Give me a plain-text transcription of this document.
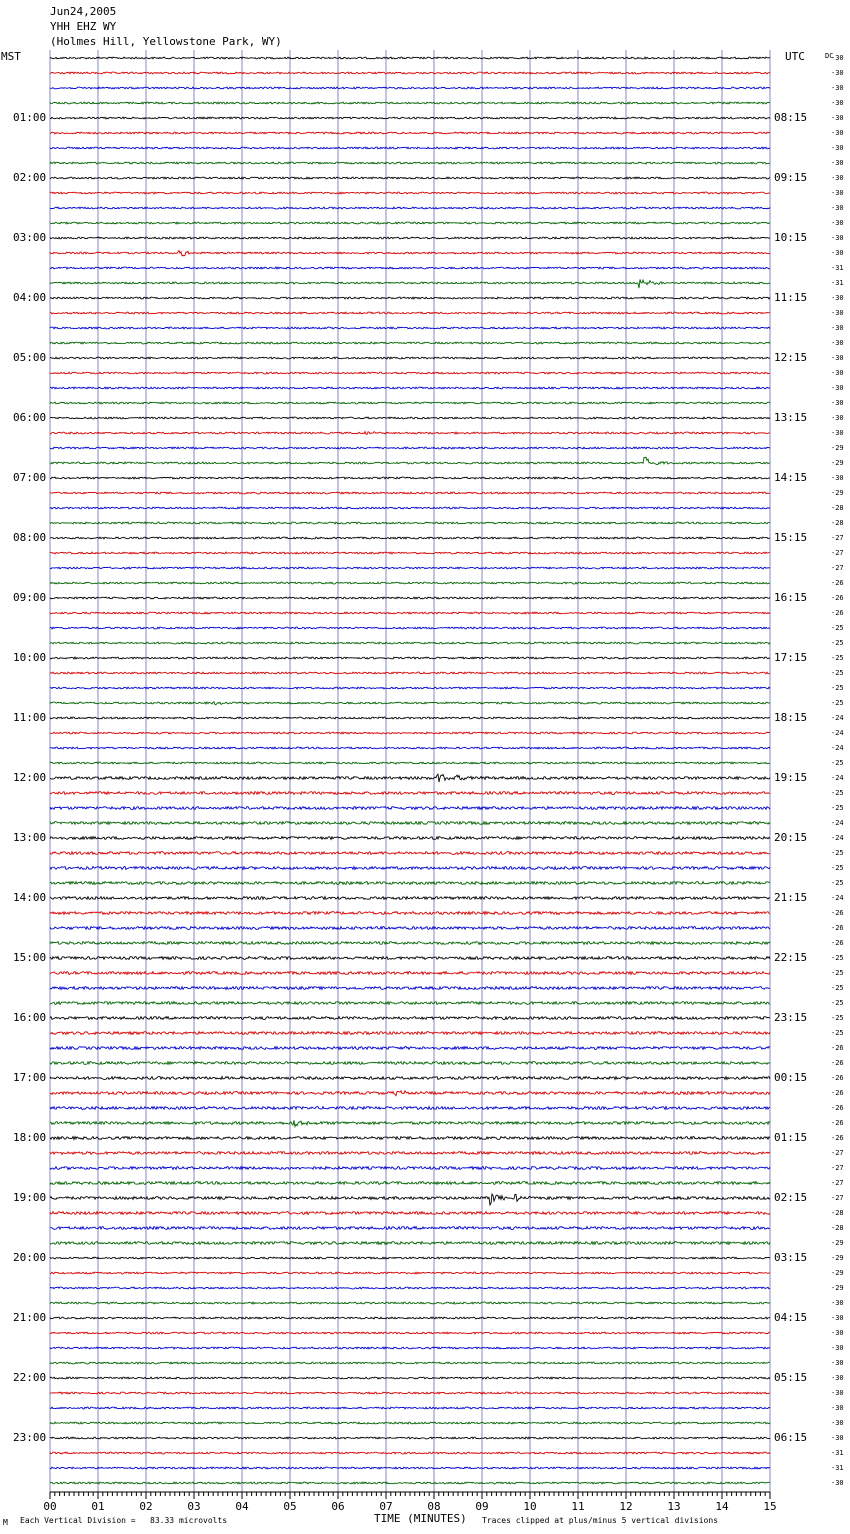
00	01	02	03	04	05	06	07	08	09	10	11	12	13	14	15
Jun24,2005
YHH EHZ WY
(Holmes Hill, Yellowstone Park, WY)
MST	UTC	DC
01:00
02:00
03:00
04:00
05:00
06:00
07:00
08:00
09:00
10:00
11:00
12:00
13:00
14:00
15:00
16:00
17:00
18:00
19:00
20:00
21:00
22:00
23:00
08:15
09:15
10:15
11:15
12:15
13:15
14:15
15:15
16:15
17:15
18:15
19:15
20:15
21:15
22:15
23:15
00:15
01:15
02:15
03:15
04:15
05:15
06:15
-30
-30
-30
-30
-30
-30
-30
-30
-30
-30
-30
-30
-30
-30
-31
-31
-30
-30
-30
-30
-30
-30
-30
-30
-30
-30
-29
-29
-30
-29
-28
-28
-27
-27
-27
-26
-26
-26
-25
-25
-25
-25
-25
-25
-24
-24
-24
-25
-24
-25
-25
-24
-24
-25
-25
-25
-24
-26
-26
-26
-25
-25
-25
-25
-25
-25
-26
-26
-26
-26
-26
-26
-26
-27
-27
-27
-27
-28
-28
-29
-29
-29
-29
-30
-30
-30
-30
-30
-30
-30
-30
-30
-30
-31
-31
-30
M Each Vertical Division =   83.33 microvolts	TIME (MINUTES) Traces clipped at plus/minus 5 vertical divisions
